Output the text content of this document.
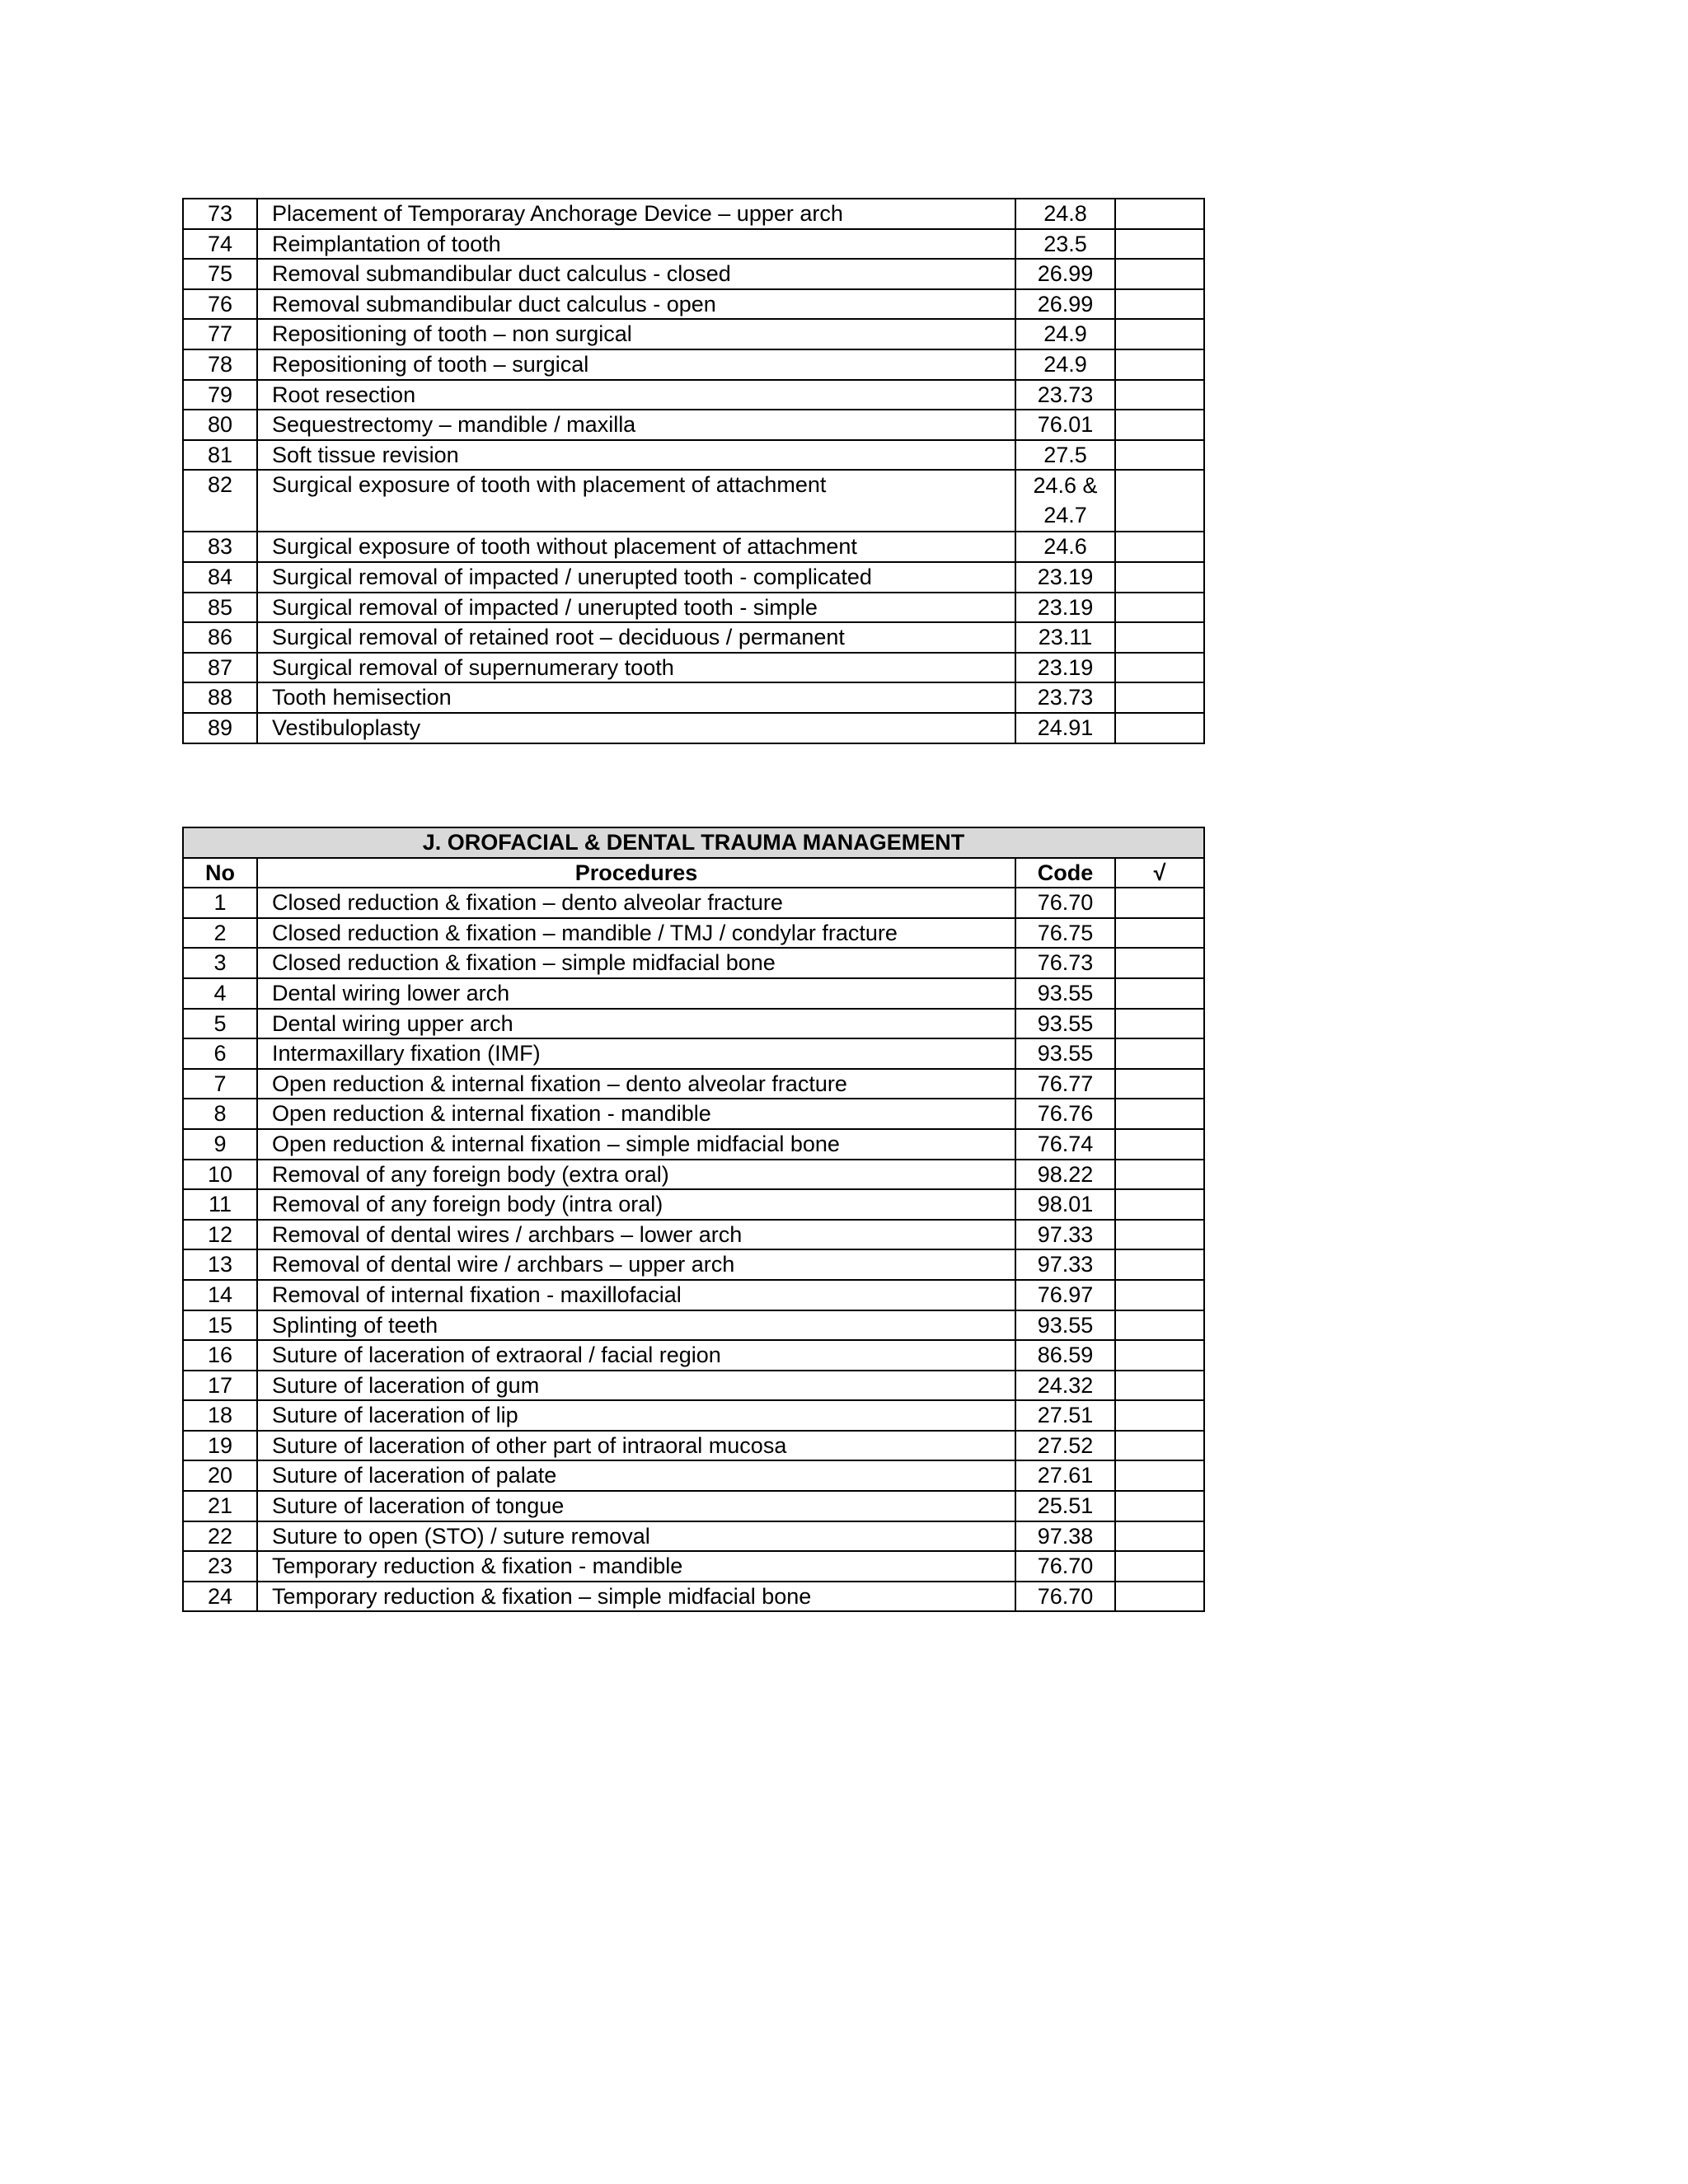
73	Placement of Temporaray Anchorage Device – upper arch	24.8	
74	Reimplantation of tooth	23.5	
75	Removal submandibular duct calculus - closed	26.99	
76	Removal submandibular duct calculus - open	26.99	
77	Repositioning of tooth – non surgical	24.9	
78	Repositioning of tooth – surgical	24.9	
79	Root resection	23.73	
80	Sequestrectomy – mandible / maxilla	76.01	
81	Soft tissue revision	27.5	
82	Surgical exposure of tooth with placement of attachment	24.6 & 24.7	
83	Surgical exposure of tooth without placement of attachment	24.6	
84	Surgical removal of impacted / unerupted tooth - complicated	23.19	
85	Surgical removal of impacted / unerupted tooth - simple	23.19	
86	Surgical removal of retained root – deciduous / permanent	23.11	
87	Surgical removal of supernumerary tooth	23.19	
88	Tooth hemisection	23.73	
89	Vestibuloplasty	24.91	
J. OROFACIAL & DENTAL TRAUMA MANAGEMENT			
No	Procedures	Code	√
1	Closed reduction & fixation – dento alveolar fracture	76.70	
2	Closed reduction & fixation – mandible / TMJ / condylar fracture	76.75	
3	Closed reduction & fixation – simple midfacial bone	76.73	
4	Dental wiring lower arch	93.55	
5	Dental wiring upper arch	93.55	
6	Intermaxillary fixation (IMF)	93.55	
7	Open reduction & internal fixation – dento alveolar fracture	76.77	
8	Open reduction & internal fixation - mandible	76.76	
9	Open reduction & internal fixation – simple midfacial bone	76.74	
10	Removal of any foreign body (extra oral)	98.22	
11	Removal of any foreign body (intra oral)	98.01	
12	Removal of dental wires / archbars – lower arch	97.33	
13	Removal of dental wire / archbars – upper arch	97.33	
14	Removal of internal fixation - maxillofacial	76.97	
15	Splinting of teeth	93.55	
16	Suture of laceration of extraoral / facial region	86.59	
17	Suture of laceration of gum	24.32	
18	Suture of laceration of lip	27.51	
19	Suture of laceration of other part of intraoral mucosa	27.52	
20	Suture of laceration of palate	27.61	
21	Suture of laceration of tongue	25.51	
22	Suture to open (STO) / suture removal	97.38	
23	Temporary reduction & fixation - mandible	76.70	
24	Temporary reduction & fixation – simple midfacial bone	76.70	
